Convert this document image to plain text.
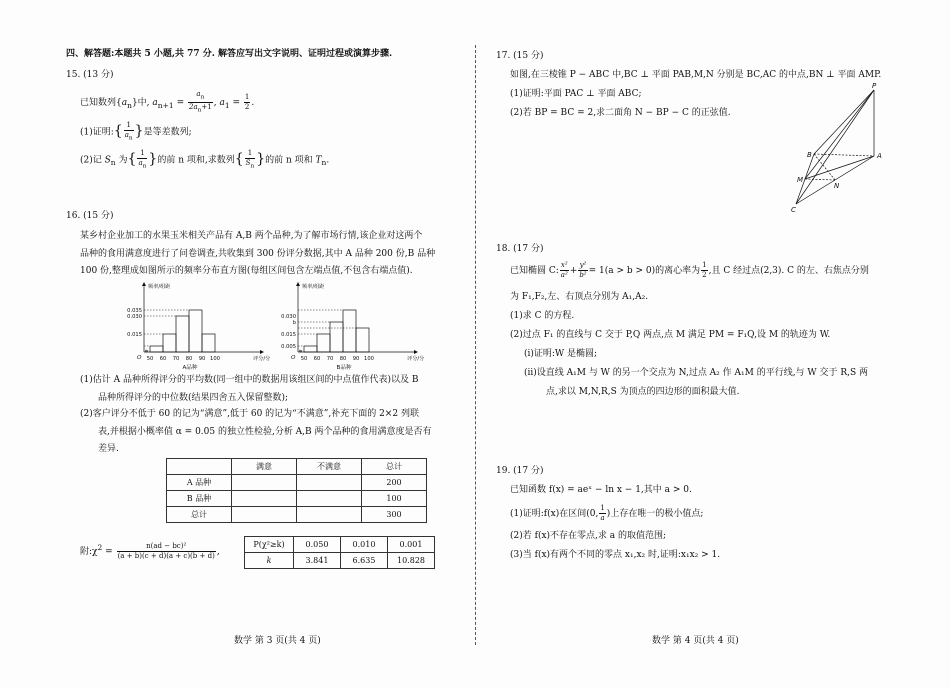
四、解答题:本题共 5 小题,共 77 分. 解答应写出文字说明、证明过程或演算步骤.

15. (13 分)

已知数列$\{a_n\}$中, $a_{n+1} = \frac{a_n}{2a_n+1}$ , $a_1 = \frac{1}{2}$ .
(1)证明:{ $\frac{1}{a_n}$ }是等差数列;
(2)记 $S_n$ 为{ $\frac{1}{a_n}$ }的前 n 项和,求数列{ $\frac{1}{S_n}$ }的前 n 项和 $T_n$.

16. (15 分)

某乡村企业加工的水果玉米相关产品有 A,B 两个品种,为了解市场行情,该企业对这两个

品种的食用满意度进行了问卷调查,共收集到 300 份评分数据,其中 A 品种 200 份,B 品种

100 份,整理成如图所示的频率分布直方图(每组区间包含左端点值,不包含右端点值).

0.015
0.035
0.030
50 60 70 80 90 100
O
频率/组距
评分/分
A品种
0.005
0.015
b
0.030
50 60 70 80 90 100
O
频率/组距
评分/分
B品种

(1)估计 A 品种所得评分的平均数(同一组中的数据用该组区间的中点值作代表)以及 B

品种所得评分的中位数(结果四舍五入保留整数);

(2)客户评分不低于 60 的记为“满意”,低于 60 的记为“不满意”,补充下面的 2×2 列联

表,并根据小概率值 α = 0.05 的独立性检验,分析 A,B 两个品种的食用满意度是否有

差异.

	满意	不满意	总计
A 品种			200
B 品种			100
总计			300
附$:\chi^2 = \frac{\text{n(ad − bc)²}}{(a + b)(c + d)(a + c)(b + d)}$ ,
P(χ²≥k)	0.050	0.010	0.001
k	3.841	6.635	10.828
数学 第 3 页(共 4 页)

17. (15 分)

如图,在三棱锥 P − ABC 中,BC ⊥ 平面 PAB,M,N 分别是 BC,AC 的中点,BN ⊥ 平面 AMP.

(1)证明:平面 PAC ⊥ 平面 ABC;

(2)若 BP = BC = 2,求二面角 N − BP − C 的正弦值.

P
A
B
M
N
C

18. (17 分)

已知椭圆 C: $\frac{\text{x²}}{\text{a²}} + \frac{\text{y²}}{\text{b²}} = 1(a > b > 0)$的离心率为 $\frac{1}{2}$ ,且 C 经过点(2,3). C 的左、右焦点分别

为 F₁,F₂,左、右顶点分别为 A₁,A₂.

(1)求 C 的方程.

(2)过点 F₁ 的直线与 C 交于 P,Q 两点,点 M 满足 PM = F₁Q,设 M 的轨迹为 W.

(i)证明:W 是椭圆;

(ii)设直线 A₁M 与 W 的另一个交点为 N,过点 A₂ 作 A₁M 的平行线,与 W 交于 R,S 两

点,求以 M,N,R,S 为顶点的四边形的面积最大值.

19. (17 分)

已知函数 f(x) = aeˣ − ln x − 1,其中 a > 0.

(1)证明:f(x)在区间(0, $\frac{1}{a}$ )上存在唯一的极小值点;

(2)若 f(x)不存在零点,求 a 的取值范围;

(3)当 f(x)有两个不同的零点 x₁,x₂ 时,证明:x₁x₂ > 1.

数学 第 4 页(共 4 页)
